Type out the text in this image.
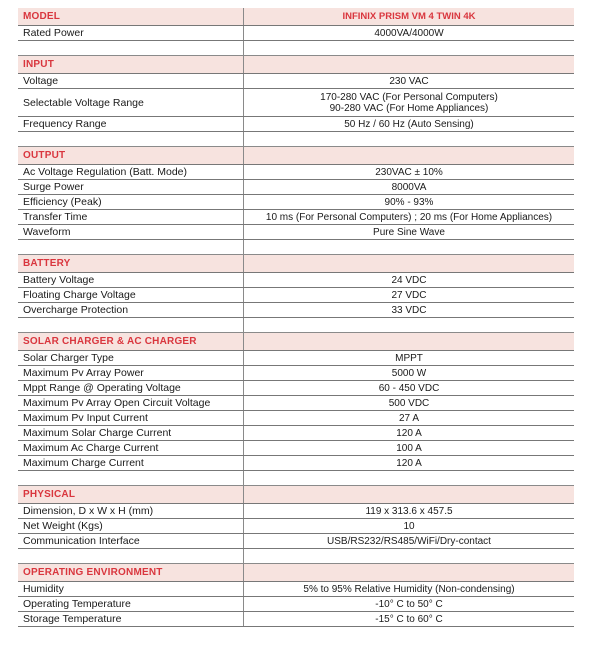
MODEL	INFINIX PRISM VM 4 TWIN 4K
Rated Power	4000VA/4000W
INPUT
Voltage	230 VAC
Selectable Voltage Range	170-280 VAC (For Personal Computers)
90-280 VAC (For Home Appliances)
Frequency Range	50 Hz / 60 Hz (Auto Sensing)
OUTPUT
Ac Voltage Regulation (Batt. Mode)	230VAC ± 10%
Surge Power	8000VA
Efficiency (Peak)	90% - 93%
Transfer Time	10 ms (For Personal Computers) ; 20 ms (For Home Appliances)
Waveform	Pure Sine Wave
BATTERY
Battery Voltage	24 VDC
Floating Charge Voltage	27 VDC
Overcharge Protection	33 VDC
SOLAR CHARGER & AC CHARGER
Solar Charger Type	MPPT
Maximum Pv Array Power	5000 W
Mppt Range @ Operating Voltage	60 - 450 VDC
Maximum Pv Array Open Circuit Voltage	500 VDC
Maximum Pv Input Current	27 A
Maximum Solar Charge Current	120 A
Maximum Ac Charge Current	100 A
Maximum Charge Current	120 A
PHYSICAL
Dimension, D x W x H (mm)	119 x 313.6 x 457.5
Net Weight (Kgs)	10
Communication Interface	USB/RS232/RS485/WiFi/Dry-contact
OPERATING ENVIRONMENT
Humidity	5% to 95% Relative Humidity (Non-condensing)
Operating Temperature	-10° C to 50° C
Storage Temperature	-15° C to 60° C
